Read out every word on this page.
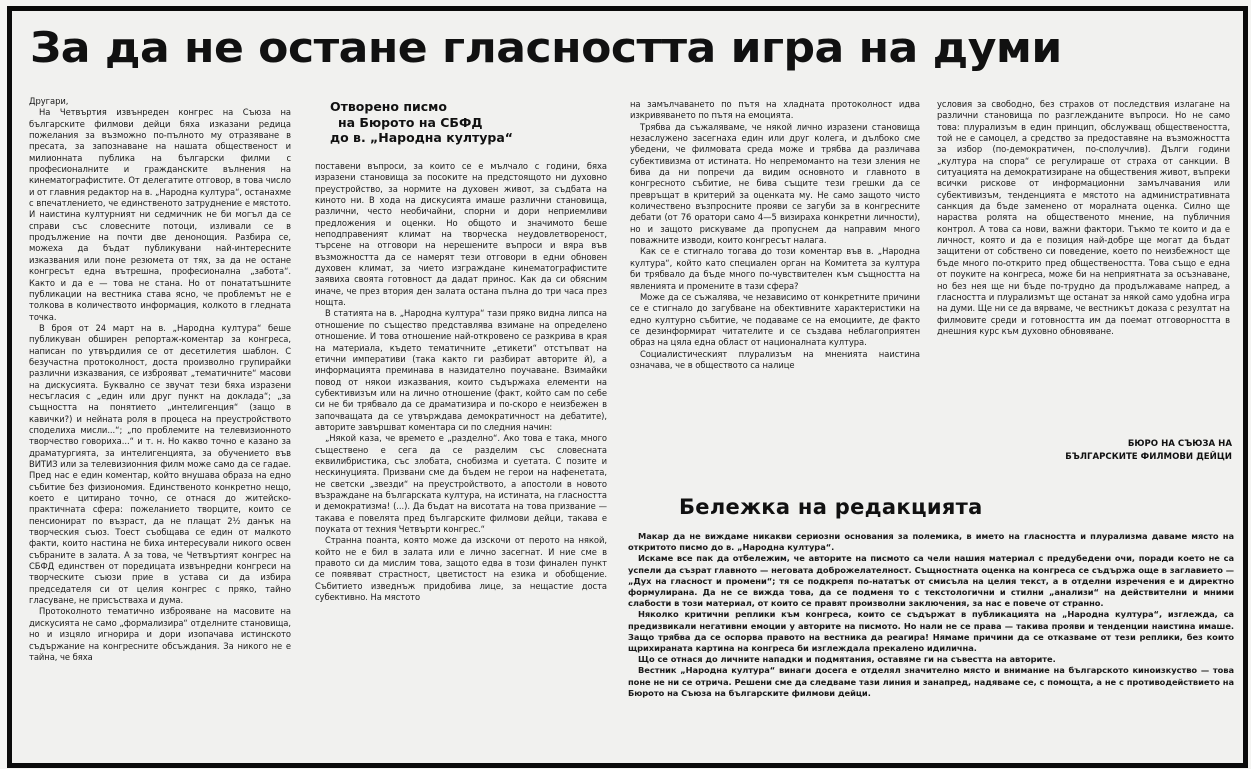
За да не остане гласността игра на думи

Другари,

На Четвъртия извънреден конгрес на Съюза на българските филмови дейци бяха изказани редица пожелания за възможно по-пълното му отразяване в пресата, за запознаване на нашата общественост и милионната публика на български филми с професионалните и гражданските вълнения на кинематографистите. От делегатите отговор, в това число и от главния редактор на в. „Народна култура“, останахме с впечатлението, че единственото затруднение е мястото. И наистина културният ни седмичник не би могъл да се справи със словесните потоци, изливали се в продължение на почти две денонощия. Разбира се, можеха да бъдат публикувани най-интересните изказвания или поне резюмета от тях, за да не остане конгресът една вътрешна, професионална „забота“. Както и да е — това не стана. Но от понататъшните публикации на вестника става ясно, че проблемът не е толкова в количеството информация, колкото в гледната точка.

В броя от 24 март на в. „Народна култура“ беше публикуван обширен репортаж-коментар за конгреса, написан по утвърдилия се от десетилетия шаблон. С безучастна протоколност, доста произволно групирайки различни изказвания, се изброяват „тематичните“ масови на дискусията. Буквално се звучат тези бяха изразени несъгласия с „един или друг пункт на доклада“; „за същността на понятието „интелигенция“ (защо в кавички?) и нейната роля в процеса на преустройството споделиха мисли...“; „по проблемите на телевизионното творчество говориха...“ и т. н. Но какво точно е казано за драматургията, за интелигенцията, за обучението във ВИТИЗ или за телевизионния филм може само да се гадае. Пред нас е един коментар, който внушава образа на едно събитие без физиономия. Единственото конкретно нещо, което е цитирано точно, се отнася до житейско-практичната сфера: пожеланието творците, които се пенсионират по възраст, да не плащат 2½ данък на творческия съюз. Тоест съобщава се един от малкото факти, които настина не биха интересували никого освен събраните в залата. А за това, че Четвъртият конгрес на СБФД единствен от поредицата извънредни конгреси на творческите съюзи прие в устава си да избира председателя си от целия конгрес с пряко, тайно гласуване, не присъстваха и дума.

Протоколното тематично изброяване на масовите на дискусията не само „формализира“ отделните становища, но и изцяло игнорира и дори изопачава истинското съдържание на конгресните обсъждания. За никого не е тайна, че бяха

Отворено писмо
на Бюрото на СБФД
до в. „Народна култура“

поставени въпроси, за които се е мълчало с години, бяха изразени становища за посоките на предстоящото ни духовно преустройство, за нормите на духовен живот, за съдбата на киното ни. В хода на дискусията имаше различни становища, различни, често необичайни, спорни и дори неприемливи предложения и оценки. Но общото и значимото беше неподправеният климат на творческа неудовлетвореност, търсене на отговори на нерешените въпроси и вяра във възможността да се намерят тези отговори в едни обновен духовен климат, за чието изграждане кинематографистите заявиха своята готовност да дадат принос. Как да си обясним иначе, че през втория ден залата остана пълна до три часа през нощта.

В статията на в. „Народна култура“ тази пряко видна липса на отношение по същество представлява взимане на определено отношение. И това отношение най-откровено се разкрива в края на материала, където тематичните „етикети“ отстъпват на етични императиви (така както ги разбират авторите й), а информацията преминава в назидателно поучаване. Взимайки повод от някои изказвания, които съдържаха елементи на субективизъм или на лично отношение (факт, който сам по себе си не би трябвало да се драматизира и по-скоро е неизбежен в започващата да се утвърждава демократичност на дебатите), авторите завършват коментара си по следния начин:

„Някой каза, че времето е „разделно“. Ако това е така, много съществено е сега да се разделим със словесната еквилибристика, със злобата, снобизма и суетата. С позите и нескинуцията. Призвани сме да бъдем не герои на нафенетата, не светски „звезди“ на преустройството, а апостоли в новото възраждане на българската култура, на истината, на гласността и демократизма! (...). Да бъдат на висотата на това призвание — такава е повелята пред българските филмови дейци, такава е поуката от техния Четвърти конгрес.“

Странна поанта, която може да изскочи от перото на някой, който не е бил в залата или е лично засегнат. И ние сме в правото си да мислим това, защото едва в този финален пункт се появяват страстност, цветистост на езика и обобщение. Събитието изведнъж придобива лице, за нещастие доста субективно. На мястото

на замълчаването по пътя на хладната протоколност идва изкривяването по пътя на емоцията.

Трябва да съжаляваме, че някой лично изразени становища незаслужено засегнаха един или друг колега, и дълбоко сме убедени, че филмовата среда може и трябва да различава субективизма от истината. Но непремоманто на тези зления не бива да ни попречи да видим основното и главното в конгресното събитие, не бива същите тези грешки да се превръщат в критерий за оценката му. Не само защото чисто количествено възпросните прояви се загуби за в конгресните дебати (от 76 оратори само 4—5 визираха конкретни личности), но и защото рискуваме да пропуснем да направим много поважните изводи, които конгресът налага.

Как се е стигнало тогава до този коментар във в. „Народна култура“, който като специален орган на Комитета за култура би трябвало да бъде много по-чувствителен към същността на явленията и промените в тази сфера?

Може да се съжалява, че независимо от конкретните причини се е стигнало до загубване на обективните характеристики на едно културно събитие, че подаваме се на емоциите, де факто се дезинформират читателите и се създава неблагоприятен образ на цяла една област от националната култура.

Социалистическият плурализъм на мненията наистина означава, че в обществото са налице

условия за свободно, без страхов от последствия излагане на различни становища по разглежданите въпроси. Но не само това: плурализъм в един принцип, обслужващ обществеността, той не е самоцел, а средство за предоставяне на възможността за избор (по-демократичен, по-сполучлив). Дълги години „култура на спора“ се регулираше от страха от санкции. В ситуацията на демократизиране на обществения живот, въпреки всички рискове от информационни замълчавания или субективизъм, тенденцията е мястото на административната санкция да бъде заменено от моралната оценка. Силно ще нараства ролята на общественото мнение, на публичния контрол. А това са нови, важни фактори. Тъкмо те които и да е личност, която и да е позиция най-добре ще могат да бъдат защитени от собствено си поведение, което по неизбежност ще бъде много по-открито пред обществеността. Това също е една от поуките на конгреса, може би на неприятната за осъзнаване, но без нея ще ни бъде по-трудно да продължаваме напред, а гласността и плурализмът ще останат за някой само удобна игра на думи. Ще ни се да вярваме, че вестникът доказа с резултат на филмовите среди и готовността им да поемат отговорността в днешния курс към духовно обновяване.

БЮРО НА СЪЮЗА НА
БЪЛГАРСКИТЕ ФИЛМОВИ ДЕЙЦИ
Бележка на редакцията

Макар да не виждаме никакви сериозни основания за полемика, в името на гласността и плурализма даваме място на откритото писмо до в. „Народна култура“.

Искаме все пак да отбележим, че авторите на писмото са чели нашия материал с предубедени очи, поради което не са успели да съзрат главното — неговата доброжелателност. Същностната оценка на конгреса се съдържа още в заглавието — „Дух на гласност и промени“; тя се подкрепя по-нататък от смисъла на целия текст, а в отделни изречения е и директно формулирана. Да не се вижда това, да се подменя то с текстологични и стилни „анализи“ на действителни и мними слабости в този материал, от които се правят произволни заключения, за нас е повече от странно.

Няколко критични реплики към конгреса, които се съдържат в публикацията на „Народна култура“, изглежда, са предизвикали негативни емоции у авторите на писмото. Но нали не се права — такива прояви и тенденции наистина имаше. Защо трябва да се оспорва правото на вестника да реагира! Нямаме причини да се отказваме от тези реплики, без които щрихираната картина на конгреса би изглеждала прекалено идилична.

Що се отнася до личните нападки и подмятания, оставяме ги на съвестта на авторите.

Вестник „Народна култура“ винаги досега е отделял значително място и внимание на българското киноизкуство — това поне не ни се отрича. Решени сме да следваме тази линия и занапред, надяваме се, с помощта, а не с противодействието на Бюрото на Съюза на българските филмови дейци.
